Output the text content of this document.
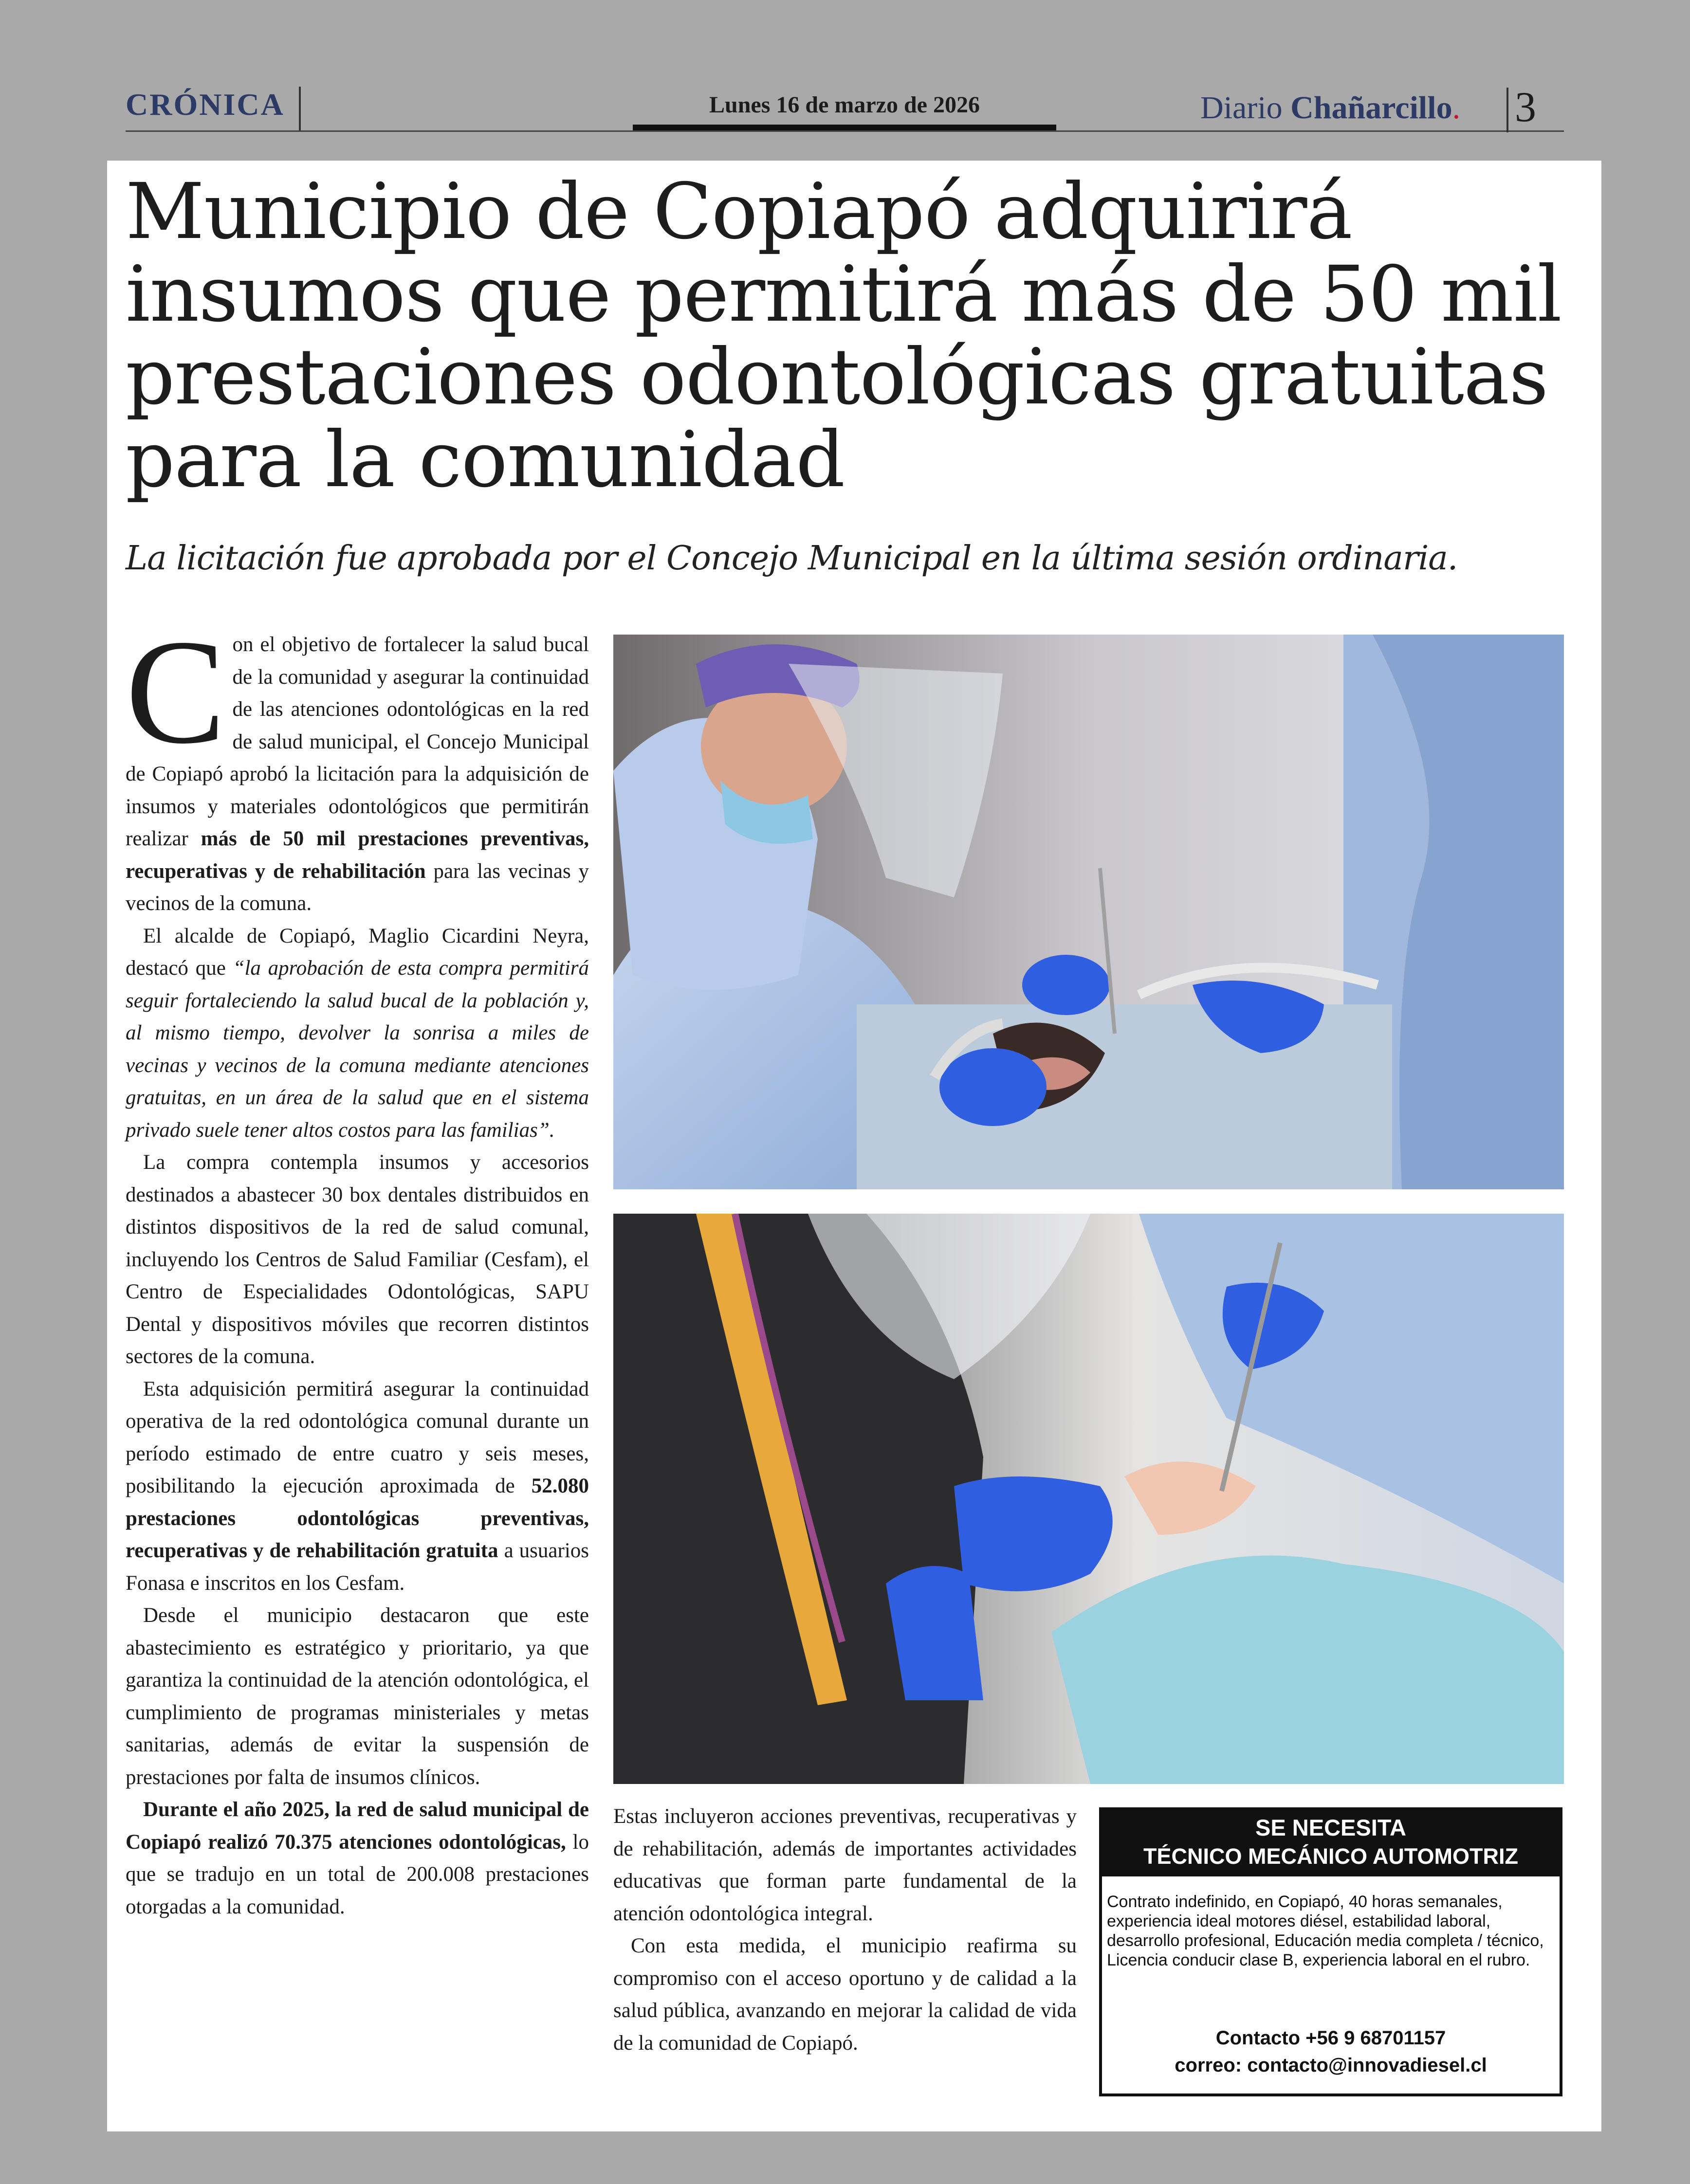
CRÓNICA	Lunes 16 de marzo de 2026	Diario Chañarcillo. 3
Municipio de Copiapó adquirirá insumos que permitirá más de 50 mil prestaciones odontológicas gratuitas para la comunidad
La licitación fue aprobada por el Concejo Municipal en la última sesión ordinaria.

Con el objetivo de fortalecer la salud bucal de la comunidad y asegurar la continuidad de las atenciones odontológicas en la red de salud municipal, el Concejo Municipal de Copiapó aprobó la licitación para la adquisición de insumos y materiales odontológicos que permitirán realizar más de 50 mil prestaciones preventivas, recuperativas y de rehabilitación para las vecinas y vecinos de la comuna.

El alcalde de Copiapó, Maglio Cicardini Neyra, destacó que “la aprobación de esta compra permitirá seguir fortaleciendo la salud bucal de la población y, al mismo tiempo, devolver la sonrisa a miles de vecinas y vecinos de la comuna mediante atenciones gratuitas, en un área de la salud que en el sistema privado suele tener altos costos para las familias”.

La compra contempla insumos y accesorios destinados a abastecer 30 box dentales distribuidos en distintos dispositivos de la red de salud comunal, incluyendo los Centros de Salud Familiar (Cesfam), el Centro de Especialidades Odontológicas, SAPU Dental y dispositivos móviles que recorren distintos sectores de la comuna.

Esta adquisición permitirá asegurar la continuidad operativa de la red odontológica comunal durante un período estimado de entre cuatro y seis meses, posibilitando la ejecución aproximada de 52.080 prestaciones odontológicas preventivas, recuperativas y de rehabilitación gratuita a usuarios Fonasa e inscritos en los Cesfam.

Desde el municipio destacaron que este abastecimiento es estratégico y prioritario, ya que garantiza la continuidad de la atención odontológica, el cumplimiento de programas ministeriales y metas sanitarias, además de evitar la suspensión de prestaciones por falta de insumos clínicos.

Durante el año 2025, la red de salud municipal de Copiapó realizó 70.375 atenciones odontológicas, lo que se tradujo en un total de 200.008 prestaciones otorgadas a la comunidad.

Estas incluyeron acciones preventivas, recuperativas y de rehabilitación, además de importantes actividades educativas que forman parte fundamental de la atención odontológica integral.

Con esta medida, el municipio reafirma su compromiso con el acceso oportuno y de calidad a la salud pública, avanzando en mejorar la calidad de vida de la comunidad de Copiapó.

SE NECESITA
TÉCNICO MECÁNICO AUTOMOTRIZ
Contrato indefinido, en Copiapó, 40 horas semanales, experiencia ideal motores diésel, estabilidad laboral, desarrollo profesional, Educación media completa / técnico, Licencia conducir clase B, experiencia laboral en el rubro.
Contacto +56 9 68701157
correo: contacto@innovadiesel.cl
